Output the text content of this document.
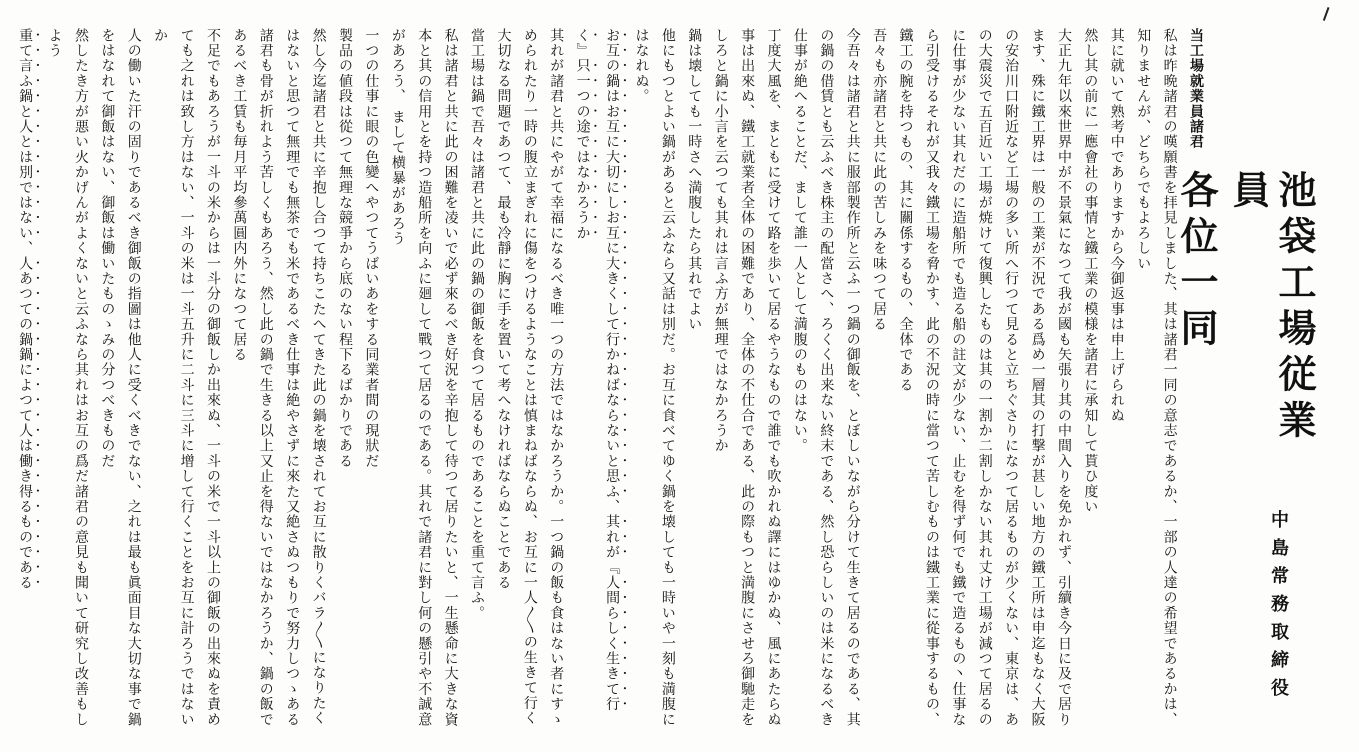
池袋工場従業員
各位一同
中島常務取締役

当工場就業員諸君

私は昨晩諸君の嘆願書を拝見しました、其は諸君一同の意志であるか、一部の人達の希望であるかは、知りませんが、どちらでもよろしい

其に就いて熟考中でありますから今御返事は申上げられぬ

然し其の前に一應會社の事情と鐵工業の模様を諸君に承知して貰ひ度い

大正九年以來世界中が不景氣になつて我が國も矢張り其の中間入りを免かれず、引續き今日に及で居ります、殊に鐵工界は一般の工業が不況である爲め一層其の打撃が甚しい地方の鐵工所は申迄もなく大阪の安治川口附近など工場の多い所へ行つて見ると立ちぐさりになつて居るものが少くない、東京は、あの大震災で五百近い工場が焼けて復興したものは其の一割か二割しかない其れ丈け工場が減つて居るのに仕事が少ない其れだのに造船所でも造る船の註文が少ない、止むを得ず何でも鐵で造るもの丶仕事なら引受けるそれが又我々鐵工場を脅かす、此の不況の時に當つて苦しむものは鐵工業に從事するもの、鐵工の腕を持つもの、其に關係するもの、全体である

吾々も亦諸君と共に此の苦しみを味つて居る

今吾々は諸君と共に服部製作所と云ふ一つ鍋の御飯を、とぼしいながら分けて生きて居るのである、其の鍋の借賃とも云ふべき株主の配當さへ、ろくく出来ない終末である、然し恐らしいのは米になるべき仕事が絶へることだ、まして誰一人として満腹のものはない。

丁度大風を、まともに受けて路を歩いて居るやうなもので誰でも吹かれぬ譯にはゆかぬ、風にあたらぬ事は出來ぬ、鐵工就業者全体の困難であり、全体の不仕合である、此の際もつと満腹にさせろ御馳走をしろと鍋に小言を云つても其れは言ふ方が無理ではなかろうか

鍋は壊しても一時さへ満腹したら其れでよい

他にもつとよい鍋があると云ふなら又話は別だ。お互に食べてゆく鍋を壊しても一時いや一刻も満腹にはなれぬ。

お互の鍋はお互に大切にしお互に大きくして行かねばならないと思ふ、其れが『人間らしく生きて行く』只一つの途ではなかろうか

其れが諸君と共にやがて幸福になるべき唯一つの方法ではなかろうか。一つ鍋の飯も食はない者にすゝめられたり一時の腹立まぎれに傷をつけるようなことは慎まねばならぬ、お互に一人〱の生きて行く大切なる問題であつて、最も冷靜に胸に手を置いて考へなければならぬことである

當工場は鍋で吾々は諸君と共に此の鍋の御飯を食つて居るものであることを重て言ふ。

私は諸君と共に此の困難を凌いで必ず來るべき好況を辛抱して待つて居りたいと、一生懸命に大きな資本と其の信用とを持つ造船所を向ふに廻して戰つて居るのである。其れで諸君に對し何の懸引や不誠意があろう、 まして横暴があろう

一つの仕事に眼の色變へやつてうばいあをする同業者間の現狀だ

製品の値段は從つて無理な競爭から底のない程下るばかりである

然し今迄諸君と共に辛抱し合つて持ちこたへてきた此の鍋を壊されてお互に散りくバラ〱になりたくはないと思つて無理でも無茶でも米であるべき仕事は絶やさずに來た又絶さぬつもりで努力しつゝある

諸君も骨が折れよう苦しくもあろう、然し此の鍋で生きる以上又止を得ないではなかろうか、鍋の飯であるべき工賃も毎月平均參萬圓内外になつて居る

不足でもあろうが一斗の米からは一斗分の御飯しか出來ぬ、一斗の米で一斗以上の御飯の出來ぬを責めても之れは致し方はない、一斗の米は一斗五升に二斗に三斗に增して行くことをお互に計ろうではないか

人の働いた汗の固りであるべき御飯の指圖は他人に受くべきでない、之れは最も眞面目な大切な事で鍋をはなれて御飯はない、御飯は働いたものゝみの分つべきものだ

然したき方が悪い火かげんがよくないと云ふなら其れはお互の爲だ諸君の意見も聞いて研究し改善もしよう

重て言ふ鍋と人とは別ではない、人あつての鍋鍋によつて人は働き得るものである
